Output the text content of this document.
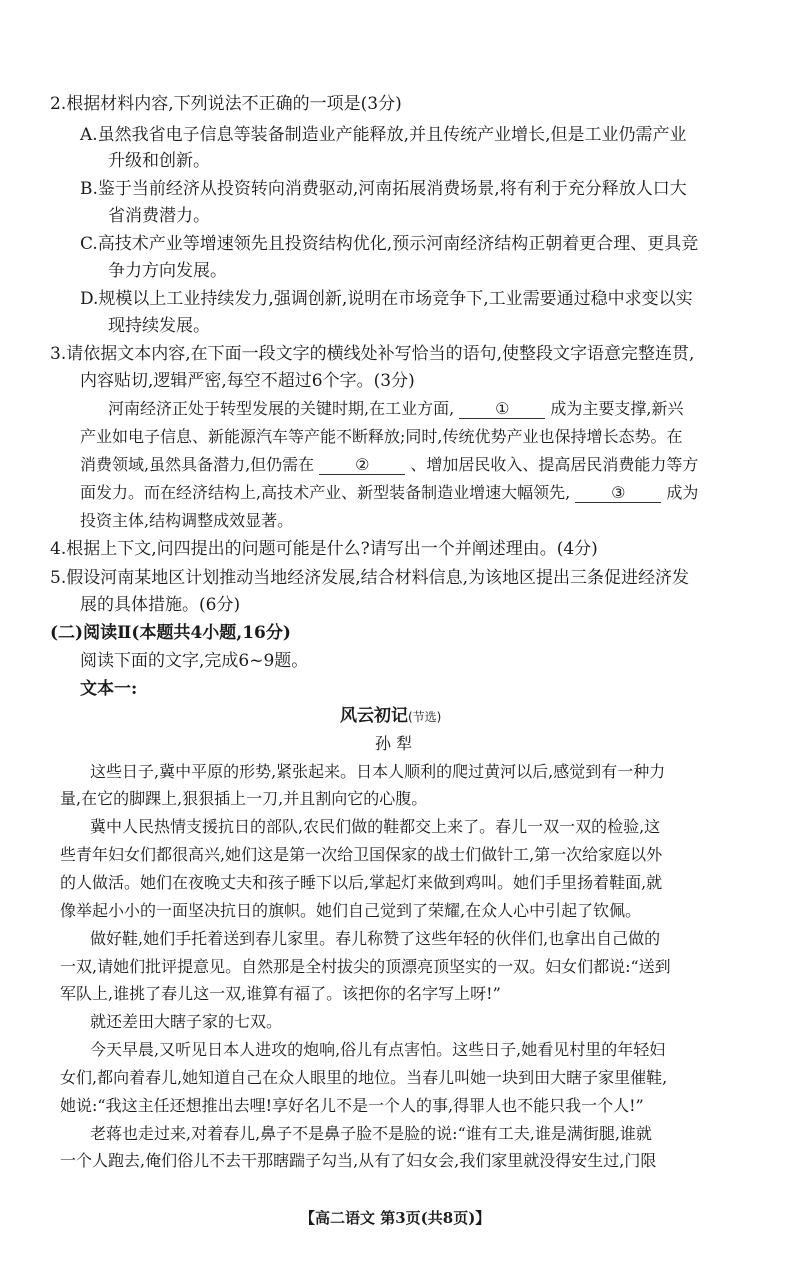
2.根据材料内容,下列说法不正确的一项是(3分)
A.虽然我省电子信息等装备制造业产能释放,并且传统产业增长,但是工业仍需产业
升级和创新。
B.鉴于当前经济从投资转向消费驱动,河南拓展消费场景,将有利于充分释放人口大
省消费潜力。
C.高技术产业等增速领先且投资结构优化,预示河南经济结构正朝着更合理、更具竞
争力方向发展。
D.规模以上工业持续发力,强调创新,说明在市场竞争下,工业需要通过稳中求变以实
现持续发展。
3.请依据文本内容,在下面一段文字的横线处补写恰当的语句,使整段文字语意完整连贯,
内容贴切,逻辑严密,每空不超过6个字。(3分)
河南经济正处于转型发展的关键时期,在工业方面,	①	成为主要支撑,新兴
产业如电子信息、新能源汽车等产能不断释放;同时,传统优势产业也保持增长态势。在
消费领域,虽然具备潜力,但仍需在	②	、增加居民收入、提高居民消费能力等方
面发力。而在经济结构上,高技术产业、新型装备制造业增速大幅领先,	③	成为
投资主体,结构调整成效显著。
4.根据上下文,问四提出的问题可能是什么?请写出一个并阐述理由。(4分)
5.假设河南某地区计划推动当地经济发展,结合材料信息,为该地区提出三条促进经济发
展的具体措施。(6分)
(二)阅读Ⅱ(本题共4小题,16分)
阅读下面的文字,完成6~9题。
文本一:
风云初记(节选)
孙 犁
这些日子,冀中平原的形势,紧张起来。日本人顺利的爬过黄河以后,感觉到有一种力
量,在它的脚踝上,狠狠插上一刀,并且割向它的心腹。
冀中人民热情支援抗日的部队,农民们做的鞋都交上来了。春儿一双一双的检验,这
些青年妇女们都很高兴,她们这是第一次给卫国保家的战士们做针工,第一次给家庭以外
的人做活。她们在夜晚丈夫和孩子睡下以后,掌起灯来做到鸡叫。她们手里扬着鞋面,就
像举起小小的一面坚决抗日的旗帜。她们自己觉到了荣耀,在众人心中引起了钦佩。
做好鞋,她们手托着送到春儿家里。春儿称赞了这些年轻的伙伴们,也拿出自己做的
一双,请她们批评提意见。自然那是全村拔尖的顶漂亮顶坚实的一双。妇女们都说:“送到
军队上,谁挑了春儿这一双,谁算有福了。该把你的名字写上呀!”
就还差田大瞎子家的七双。
今天早晨,又听见日本人进攻的炮响,俗儿有点害怕。这些日子,她看见村里的年轻妇
女们,都向着春儿,她知道自己在众人眼里的地位。当春儿叫她一块到田大瞎子家里催鞋,
她说:“我这主任还想推出去哩!享好名儿不是一个人的事,得罪人也不能只我一个人!”
老蒋也走过来,对着春儿,鼻子不是鼻子脸不是脸的说:“谁有工夫,谁是满街腿,谁就
一个人跑去,俺们俗儿不去干那瞎踹子勾当,从有了妇女会,我们家里就没得安生过,门限
【高二语文 第3页(共8页)】
